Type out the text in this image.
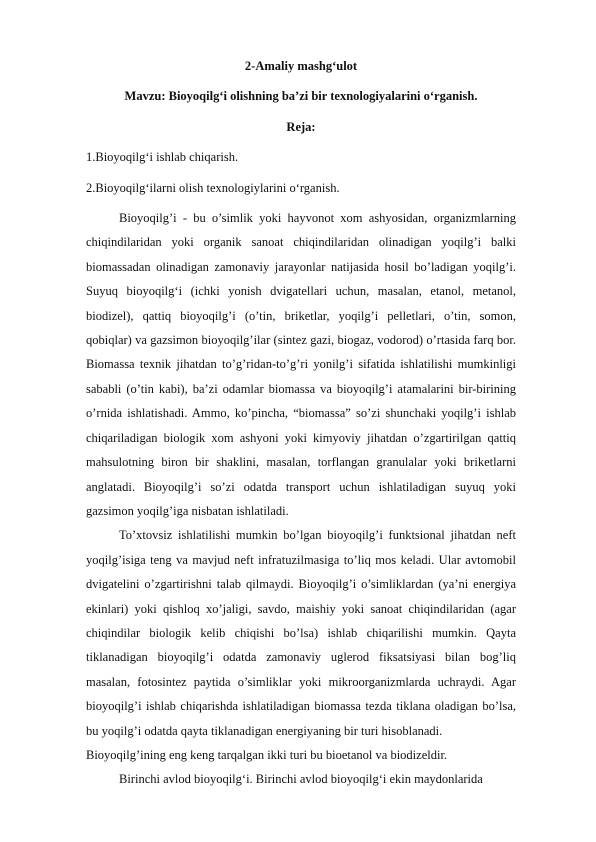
2-Amaliy mashg‘ulot

Mavzu: Bioyoqilg‘i olishning ba’zi bir texnologiyalarini o‘rganish.

Reja:

1.Bioyoqilg‘i ishlab chiqarish.

2.Bioyoqilg‘ilarni olish texnologiylarini o‘rganish.

Bioyoqilg’i - bu o’simlik yoki hayvonot xom ashyosidan, organizmlarning chiqindilaridan yoki organik sanoat chiqindilaridan olinadigan yoqilg’i balki biomassadan olinadigan zamonaviy jarayonlar natijasida hosil bo’ladigan yoqilg’i. Suyuq bioyoqilg‘i (ichki yonish dvigatellari uchun, masalan, etanol, metanol, biodizel), qattiq bioyoqilg’i (o’tin, briketlar, yoqilg’i pelletlari, o’tin, somon, qobiqlar) va gazsimon bioyoqilg’ilar (sintez gazi, biogaz, vodorod) o’rtasida farq bor. Biomassa texnik jihatdan to’g’ridan-to’g’ri yonilg’i sifatida ishlatilishi mumkinligi sababli (o’tin kabi), ba’zi odamlar biomassa va bioyoqilg’i atamalarini bir-birining o’rnida ishlatishadi. Ammo, ko’pincha, “biomassa” so’zi shunchaki yoqilg’i ishlab chiqariladigan biologik xom ashyoni yoki kimyoviy jihatdan o’zgartirilgan qattiq mahsulotning biron bir shaklini, masalan, torflangan granulalar yoki briketlarni anglatadi. Bioyoqilg’i so’zi odatda transport uchun ishlatiladigan suyuq yoki gazsimon yoqilg’iga nisbatan ishlatiladi.

To’xtovsiz ishlatilishi mumkin bo’lgan bioyoqilg’i funktsional jihatdan neft yoqilg’isiga teng va mavjud neft infratuzilmasiga to’liq mos keladi. Ular avtomobil dvigatelini o’zgartirishni talab qilmaydi. Bioyoqilg’i o’simliklardan (ya’ni energiya ekinlari) yoki qishloq xo’jaligi, savdo, maishiy yoki sanoat chiqindilaridan (agar chiqindilar biologik kelib chiqishi bo’lsa) ishlab chiqarilishi mumkin. Qayta tiklanadigan bioyoqilg’i odatda zamonaviy uglerod fiksatsiyasi bilan bog’liq masalan, fotosintez paytida o’simliklar yoki mikroorganizmlarda uchraydi. Agar bioyoqilg’i ishlab chiqarishda ishlatiladigan biomassa tezda tiklana oladigan bo’lsa, bu yoqilg’i odatda qayta tiklanadigan energiyaning bir turi hisoblanadi.

Bioyoqilg’ining eng keng tarqalgan ikki turi bu bioetanol va biodizeldir.

Birinchi avlod bioyoqilg‘i. Birinchi avlod bioyoqilg‘i ekin maydonlarida
